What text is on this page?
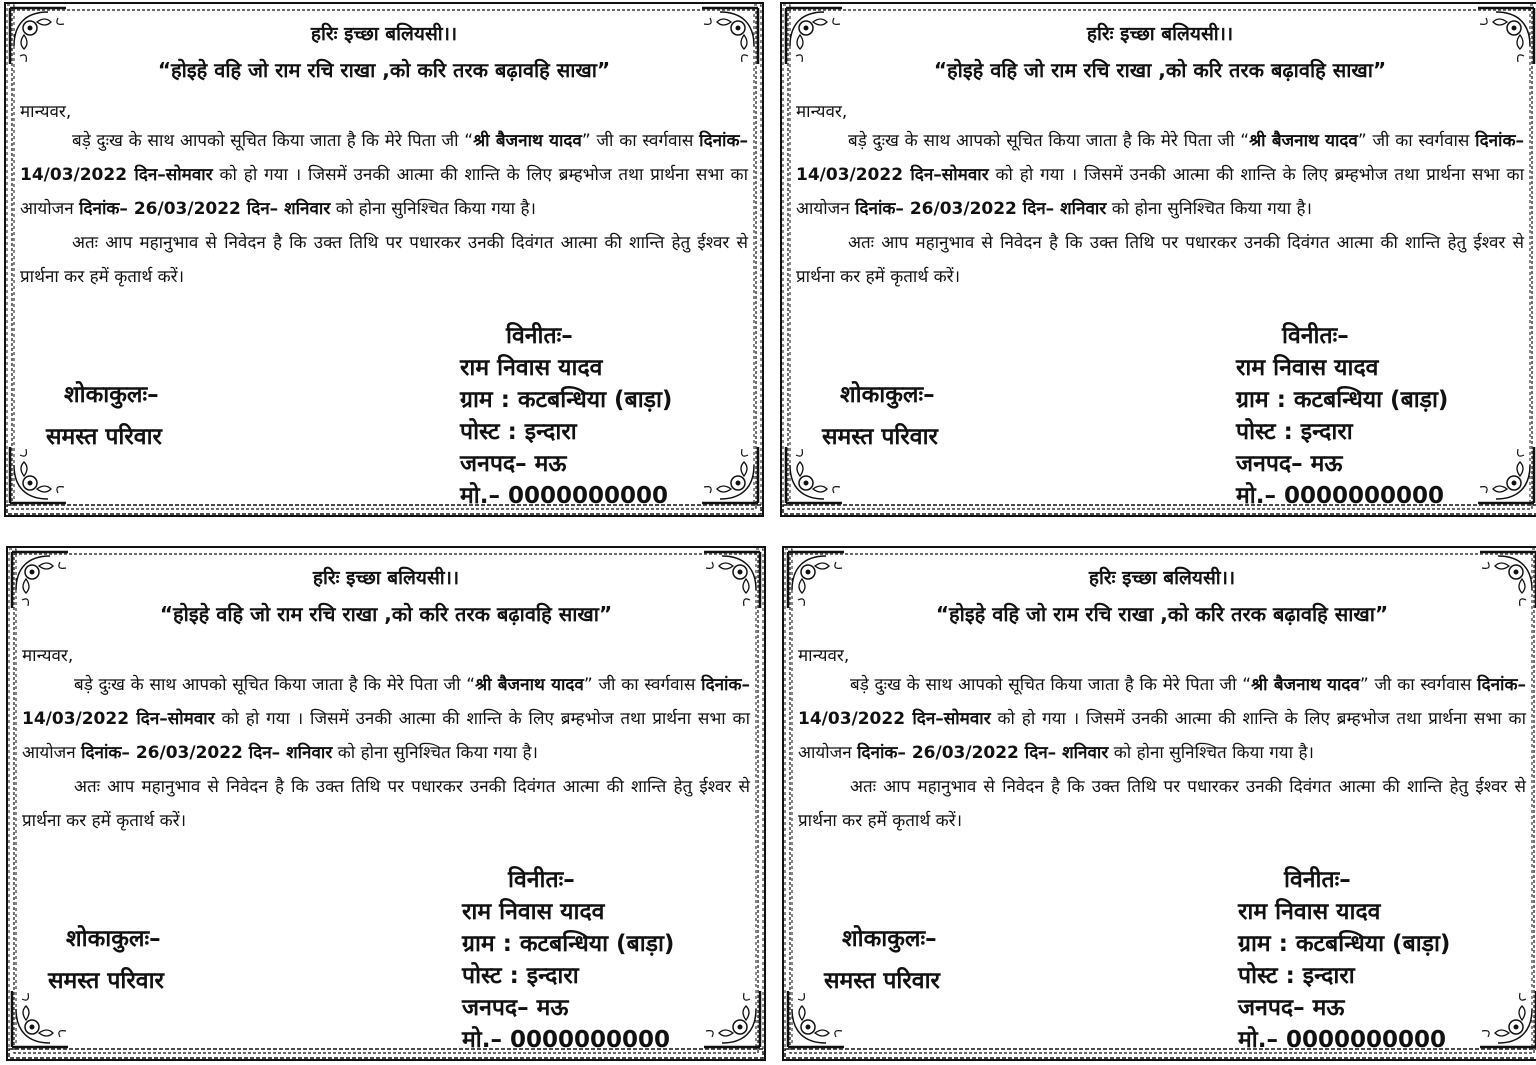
हरिः इच्छा बलियसी।।

“होइहे वहि जो राम रचि राखा ,को करि तरक बढ़ावहि साखा”

मान्यवर,

बड़े दुःख के साथ आपको सूचित किया जाता है कि मेरे पिता जी “श्री बैजनाथ यादव” जी का स्वर्गवास दिनांक– 14/03/2022 दिन–सोमवार को हो गया । जिसमें उनकी आत्मा की शान्ति के लिए ब्रम्हभोज तथा प्रार्थना सभा का आयोजन दिनांक– 26/03/2022 दिन– शनिवार को होना सुनिश्चित किया गया है।

अतः आप महानुभाव से निवेदन है कि उक्त तिथि पर पधारकर उनकी दिवंगत आत्मा की शान्ति हेतु ईश्वर से प्रार्थना कर हमें कृतार्थ करें।

विनीतः–
राम निवास यादव
ग्राम : कटबन्धिया (बाड़ा)
पोस्ट : इन्दारा
जनपद– मऊ
मो.– 0000000000
शोकाकुलः–
समस्त परिवार

हरिः इच्छा बलियसी।।

“होइहे वहि जो राम रचि राखा ,को करि तरक बढ़ावहि साखा”

मान्यवर,

बड़े दुःख के साथ आपको सूचित किया जाता है कि मेरे पिता जी “श्री बैजनाथ यादव” जी का स्वर्गवास दिनांक– 14/03/2022 दिन–सोमवार को हो गया । जिसमें उनकी आत्मा की शान्ति के लिए ब्रम्हभोज तथा प्रार्थना सभा का आयोजन दिनांक– 26/03/2022 दिन– शनिवार को होना सुनिश्चित किया गया है।

अतः आप महानुभाव से निवेदन है कि उक्त तिथि पर पधारकर उनकी दिवंगत आत्मा की शान्ति हेतु ईश्वर से प्रार्थना कर हमें कृतार्थ करें।

विनीतः–
राम निवास यादव
ग्राम : कटबन्धिया (बाड़ा)
पोस्ट : इन्दारा
जनपद– मऊ
मो.– 0000000000
शोकाकुलः–
समस्त परिवार

हरिः इच्छा बलियसी।।

“होइहे वहि जो राम रचि राखा ,को करि तरक बढ़ावहि साखा”

मान्यवर,

बड़े दुःख के साथ आपको सूचित किया जाता है कि मेरे पिता जी “श्री बैजनाथ यादव” जी का स्वर्गवास दिनांक– 14/03/2022 दिन–सोमवार को हो गया । जिसमें उनकी आत्मा की शान्ति के लिए ब्रम्हभोज तथा प्रार्थना सभा का आयोजन दिनांक– 26/03/2022 दिन– शनिवार को होना सुनिश्चित किया गया है।

अतः आप महानुभाव से निवेदन है कि उक्त तिथि पर पधारकर उनकी दिवंगत आत्मा की शान्ति हेतु ईश्वर से प्रार्थना कर हमें कृतार्थ करें।

विनीतः–
राम निवास यादव
ग्राम : कटबन्धिया (बाड़ा)
पोस्ट : इन्दारा
जनपद– मऊ
मो.– 0000000000
शोकाकुलः–
समस्त परिवार

हरिः इच्छा बलियसी।।

“होइहे वहि जो राम रचि राखा ,को करि तरक बढ़ावहि साखा”

मान्यवर,

बड़े दुःख के साथ आपको सूचित किया जाता है कि मेरे पिता जी “श्री बैजनाथ यादव” जी का स्वर्गवास दिनांक– 14/03/2022 दिन–सोमवार को हो गया । जिसमें उनकी आत्मा की शान्ति के लिए ब्रम्हभोज तथा प्रार्थना सभा का आयोजन दिनांक– 26/03/2022 दिन– शनिवार को होना सुनिश्चित किया गया है।

अतः आप महानुभाव से निवेदन है कि उक्त तिथि पर पधारकर उनकी दिवंगत आत्मा की शान्ति हेतु ईश्वर से प्रार्थना कर हमें कृतार्थ करें।

विनीतः–
राम निवास यादव
ग्राम : कटबन्धिया (बाड़ा)
पोस्ट : इन्दारा
जनपद– मऊ
मो.– 0000000000
शोकाकुलः–
समस्त परिवार
